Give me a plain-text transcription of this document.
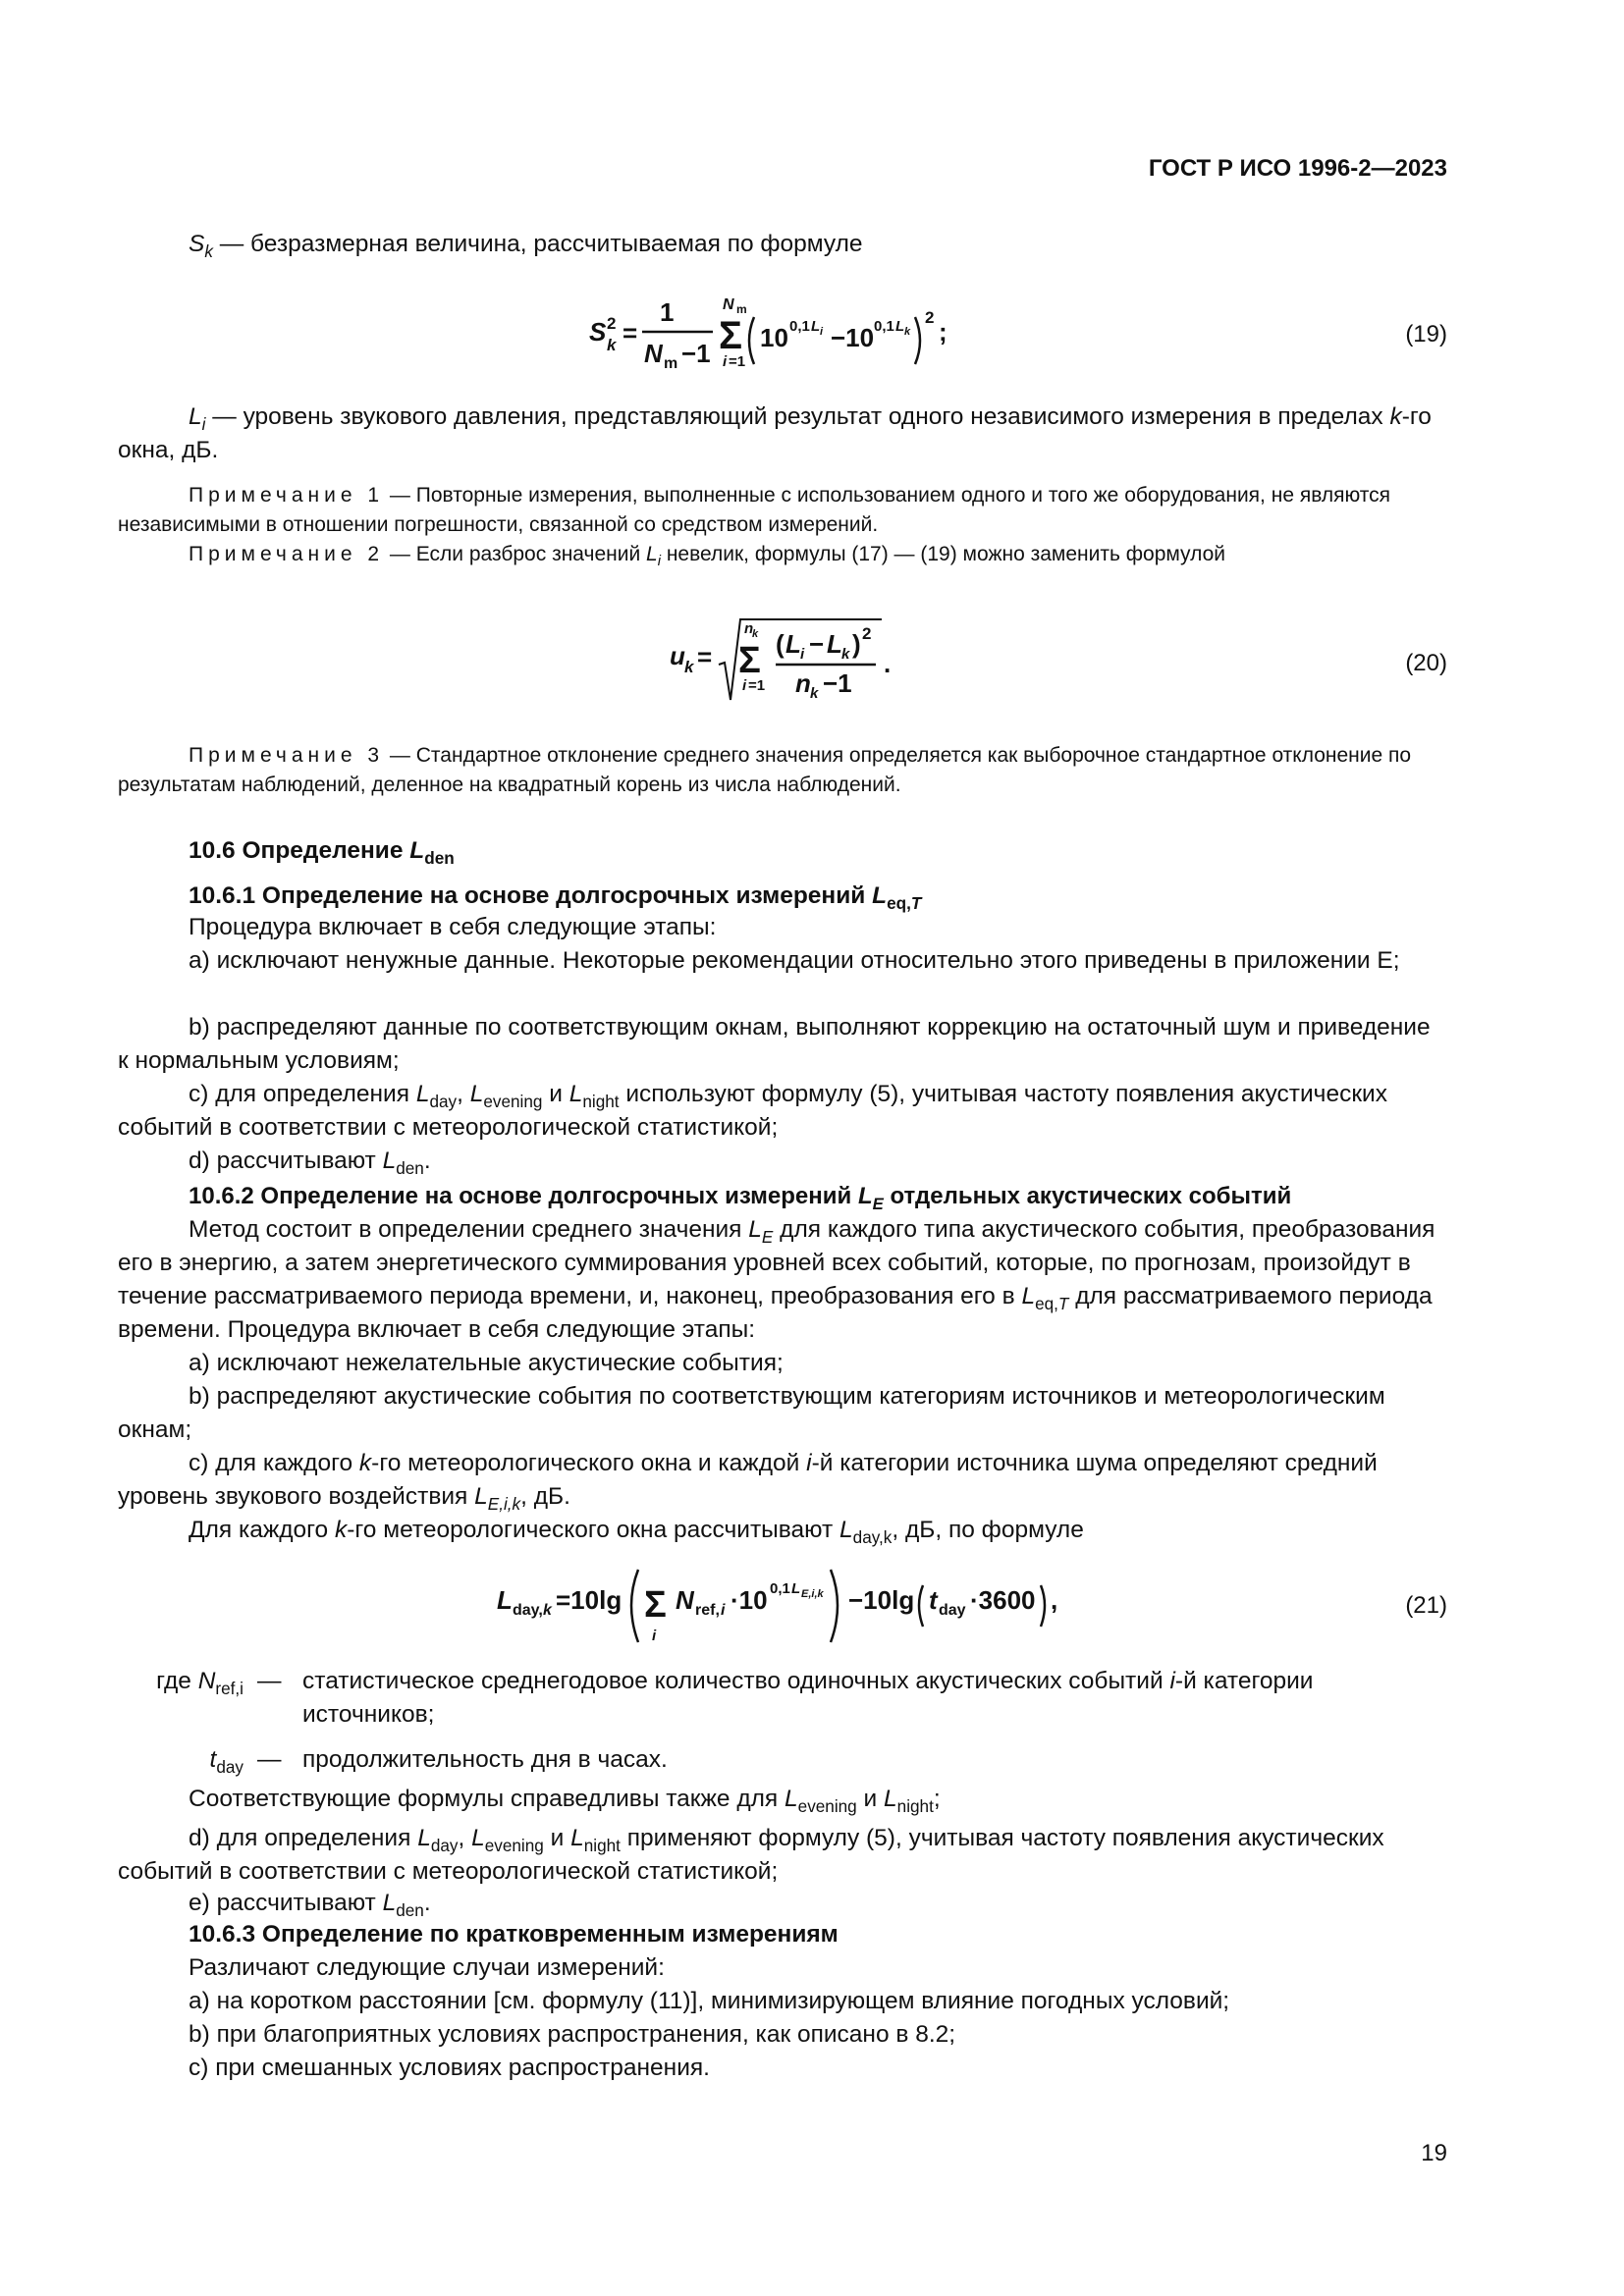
ГОСТ Р ИСО 1996-2—2023
$S_k$ — безразмерная величина, рассчитываемая по формуле
S 2
k =
1
N m −1
N m
Σ
i =1
10 0,1 L i −10 0,1 L k
2 ;	(19)
$L_i$ — уровень звукового давления, представляющий результат одного независимого измерения в пределах k-го окна, дБ.
Примечание 1 — Повторные измерения, выполненные с использованием одного и того же оборудования, не являются независимыми в отношении погрешности, связанной со средством измерений.
Примечание 2 — Если разброс значений $L_i$ невелик, формулы (17) — (19) можно заменить формулой
u k =
n
k
Σ
i =1
( L i − L k ) 2
n k −1
.	(20)
Примечание 3 — Стандартное отклонение среднего значения определяется как выборочное стандартное отклонение по результатам наблюдений, деленное на квадратный корень из числа наблюдений.
10.6 Определение $L_{den}$
10.6.1 Определение на основе долгосрочных измерений $L_{eq,T}$
Процедура включает в себя следующие этапы:
a) исключают ненужные данные. Некоторые рекомендации относительно этого приведены в приложении E;
b) распределяют данные по соответствующим окнам, выполняют коррекцию на остаточный шум и приведение к нормальным условиям;
c) для определения $L_{day}$, $L_{evening}$ и $L_{night}$ используют формулу (5), учитывая частоту появления акустических событий в соответствии с метеорологической статистикой;
d) рассчитывают $L_{den}$.
10.6.2 Определение на основе долгосрочных измерений $L_E$ отдельных акустических событий
Метод состоит в определении среднего значения $L_E$ для каждого типа акустического события, преобразования его в энергию, а затем энергетического суммирования уровней всех событий, которые, по прогнозам, произойдут в течение рассматриваемого периода времени, и, наконец, преобразования его в $L_{eq,T}$ для рассматриваемого периода времени. Процедура включает в себя следующие этапы:
a) исключают нежелательные акустические события;
b) распределяют акустические события по соответствующим категориям источников и метеорологическим окнам;
c) для каждого k-го метеорологического окна и каждой i-й категории источника шума определяют средний уровень звукового воздействия $L_{E,i,k}$, дБ.
Для каждого k-го метеорологического окна рассчитывают $L_{day,k}$, дБ, по формуле
L day, k =10lg Σ
i
N ref, i ·10 0,1 L E,i,k −10lg t day ·3600 ,	(21)
где $N_{ref,i}$ — статистическое среднегодовое количество одиночных акустических событий i-й категории источников;
$t_{day}$ — продолжительность дня в часах.
Соответствующие формулы справедливы также для $L_{evening}$ и $L_{night}$;
d) для определения $L_{day}$, $L_{evening}$ и $L_{night}$ применяют формулу (5), учитывая частоту появления акустических событий в соответствии с метеорологической статистикой;
e) рассчитывают $L_{den}$.
10.6.3 Определение по кратковременным измерениям
Различают следующие случаи измерений:
a) на коротком расстоянии [см. формулу (11)], минимизирующем влияние погодных условий;
b) при благоприятных условиях распространения, как описано в 8.2;
c) при смешанных условиях распространения.
19
